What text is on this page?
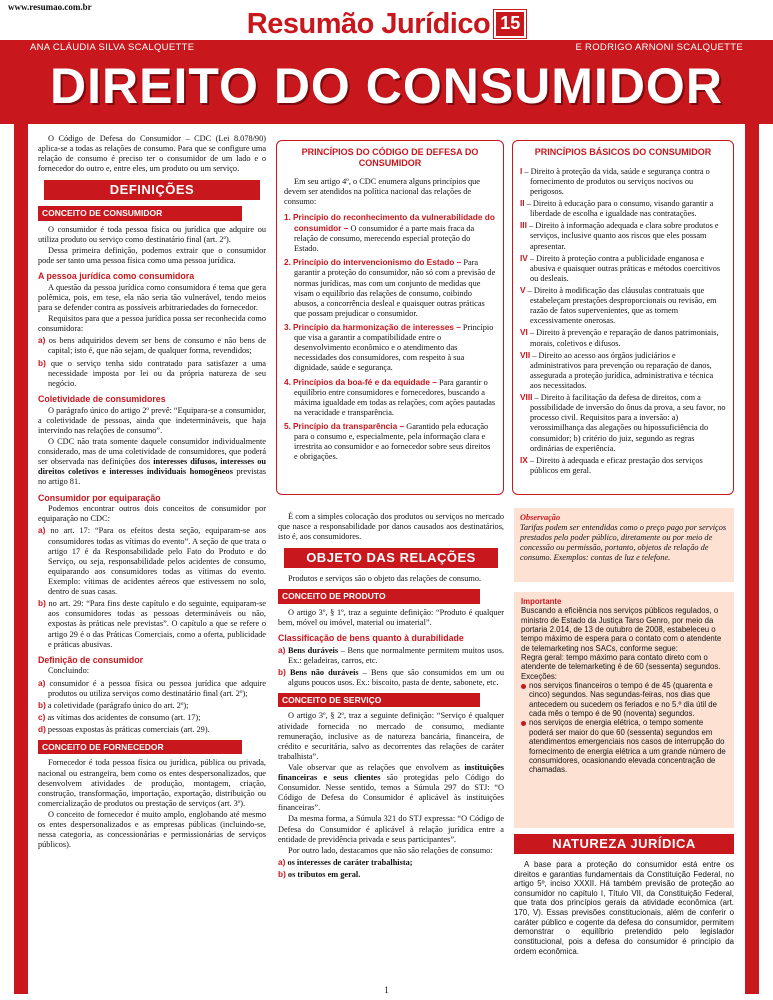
www.resumao.com.br
Resumão Jurídico 15
ANA CLÁUDIA SILVA SCALQUETTE	E RODRIGO ARNONI SCALQUETTE
DIREITO DO CONSUMIDOR

O Código de Defesa do Consumidor – CDC (Lei 8.078/90) aplica-se a todas as relações de consumo. Para que se configure uma relação de consumo é preciso ter o consumidor de um lado e o fornecedor do outro e, entre eles, um produto ou um serviço.

DEFINIÇÕES
CONCEITO DE CONSUMIDOR

O consumidor é toda pessoa física ou jurídica que adquire ou utiliza produto ou serviço como destinatário final (art. 2º).

Dessa primeira definição, podemos extrair que o consumidor pode ser tanto uma pessoa física como uma pessoa jurídica.

A pessoa jurídica como consumidora

A questão da pessoa jurídica como consumidora é tema que gera polêmica, pois, em tese, ela não seria tão vulnerável, tendo meios para se defender contra as possíveis arbitrariedades do fornecedor.

Requisitos para que a pessoa jurídica possa ser reconhecida como consumidora:

a) os bens adquiridos devem ser bens de consumo e não bens de capital; isto é, que não sejam, de qualquer forma, revendidos;

b) que o serviço tenha sido contratado para satisfazer a uma necessidade imposta por lei ou da própria natureza de seu negócio.

Coletividade de consumidores

O parágrafo único do artigo 2º prevê: “Equipara-se a consumidor, a coletividade de pessoas, ainda que indetermináveis, que haja intervindo nas relações de consumo”.

O CDC não trata somente daquele consumidor individualmente considerado, mas de uma coletividade de consumidores, que poderá ser observada nas definições dos interesses difusos, interesses ou direitos coletivos e interesses individuais homogêneos previstas no artigo 81.

Consumidor por equiparação

Podemos encontrar outros dois conceitos de consumidor por equiparação no CDC:

a) no art. 17: “Para os efeitos desta seção, equiparam-se aos consumidores todas as vítimas do evento”. A seção de que trata o artigo 17 é da Responsabilidade pelo Fato do Produto e do Serviço, ou seja, responsabilidade pelos acidentes de consumo, equiparando aos consumidores todas as vítimas do evento. Exemplo: vítimas de acidentes aéreos que estivessem no solo, dentro de suas casas.

b) no art. 29: “Para fins deste capítulo e do seguinte, equiparam-se aos consumidores todas as pessoas determináveis ou não, expostas às práticas nele previstas”. O capítulo a que se refere o artigo 29 é o das Práticas Comerciais, como a oferta, publicidade e práticas abusivas.

Definição de consumidor

Concluindo:

a) consumidor é a pessoa física ou pessoa jurídica que adquire produtos ou utiliza serviços como destinatário final (art. 2º);

b) a coletividade (parágrafo único do art. 2º);

c) as vítimas dos acidentes de consumo (art. 17);

d) pessoas expostas às práticas comerciais (art. 29).

CONCEITO DE FORNECEDOR

Fornecedor é toda pessoa física ou jurídica, pública ou privada, nacional ou estrangeira, bem como os entes despersonalizados, que desenvolvem atividades de produção, montagem, criação, construção, transformação, importação, exportação, distribuição ou comercialização de produtos ou prestação de serviços (art. 3º).

O conceito de fornecedor é muito amplo, englobando até mesmo os entes despersonalizados e as empresas públicas (incluindo-se, nessa categoria, as concessionárias e permissionárias de serviços públicos).

PRINCÍPIOS DO CÓDIGO DE DEFESA DO CONSUMIDOR

Em seu artigo 4º, o CDC enumera alguns princípios que devem ser atendidos na política nacional das relações de consumo:

1. Princípio do reconhecimento da vulnerabilidade do consumidor – O consumidor é a parte mais fraca da relação de consumo, merecendo especial proteção do Estado.

2. Princípio do intervencionismo do Estado – Para garantir a proteção do consumidor, não só com a previsão de normas jurídicas, mas com um conjunto de medidas que visam o equilíbrio das relações de consumo, coibindo abusos, a concorrência desleal e quaisquer outras práticas que possam prejudicar o consumidor.

3. Princípio da harmonização de interesses – Princípio que visa a garantir a compatibilidade entre o desenvolvimento econômico e o atendimento das necessidades dos consumidores, com respeito à sua dignidade, saúde e segurança.

4. Princípios da boa-fé e da equidade – Para garantir o equilíbrio entre consumidores e fornecedores, buscando a máxima igualdade em todas as relações, com ações pautadas na veracidade e transparência.

5. Princípio da transparência – Garantido pela educação para o consumo e, especialmente, pela informação clara e irrestrita ao consumidor e ao fornecedor sobre seus direitos e obrigações.

PRINCÍPIOS BÁSICOS DO CONSUMIDOR

I – Direito à proteção da vida, saúde e segurança contra o fornecimento de produtos ou serviços nocivos ou perigosos.

II – Direito à educação para o consumo, visando garantir a liberdade de escolha e igualdade nas contratações.

III – Direito à informação adequada e clara sobre produtos e serviços, inclusive quanto aos riscos que eles possam apresentar.

IV – Direito à proteção contra a publicidade enganosa e abusiva e quaisquer outras práticas e métodos coercitivos ou desleais.

V – Direito à modificação das cláusulas contratuais que estabeleçam prestações desproporcionais ou revisão, em razão de fatos supervenientes, que as tornem excessivamente onerosas.

VI – Direito à prevenção e reparação de danos patrimoniais, morais, coletivos e difusos.

VII – Direito ao acesso aos órgãos judiciários e administrativos para prevenção ou reparação de danos, assegurada a proteção jurídica, administrativa e técnica aos necessitados.

VIII – Direito à facilitação da defesa de direitos, com a possibilidade de inversão do ônus da prova, a seu favor, no processo civil. Requisitos para a inversão: a) verossimilhança das alegações ou hipossuficiência do consumidor; b) critério do juiz, segundo as regras ordinárias de experiência.

IX – Direito à adequada e eficaz prestação dos serviços públicos em geral.

É com a simples colocação dos produtos ou serviços no mercado que nasce a responsabilidade por danos causados aos destinatários, isto é, aos consumidores.

OBJETO DAS RELAÇÕES

Produtos e serviços são o objeto das relações de consumo.

CONCEITO DE PRODUTO

O artigo 3º, § 1º, traz a seguinte definição: “Produto é qualquer bem, móvel ou imóvel, material ou imaterial”.

Classificação de bens quanto à durabilidade

a) Bens duráveis – Bens que normalmente permitem muitos usos. Ex.: geladeiras, carros, etc.

b) Bens não duráveis – Bens que são consumidos em um ou alguns poucos usos. Ex.: biscoito, pasta de dente, sabonete, etc.

CONCEITO DE SERVIÇO

O artigo 3º, § 2º, traz a seguinte definição: “Serviço é qualquer atividade fornecida no mercado de consumo, mediante remuneração, inclusive as de natureza bancária, financeira, de crédito e securitária, salvo as decorrentes das relações de caráter trabalhista”.

Vale observar que as relações que envolvem as instituições financeiras e seus clientes são protegidas pelo Código do Consumidor. Nesse sentido, temos a Súmula 297 do STJ: “O Código de Defesa do Consumidor é aplicável às instituições financeiras”.

Da mesma forma, a Súmula 321 do STJ expressa: “O Código de Defesa do Consumidor é aplicável à relação jurídica entre a entidade de previdência privada e seus participantes”.

Por outro lado, destacamos que não são relações de consumo:

a) os interesses de caráter trabalhista;

b) os tributos em geral.

Observação
Tarifas podem ser entendidas como o preço pago por serviços prestados pelo poder público, diretamente ou por meio de concessão ou permissão, portanto, objetos de relação de consumo. Exemplos: contas de luz e telefone.
Importante

Buscando a eficiência nos serviços públicos regulados, o ministro de Estado da Justiça Tarso Genro, por meio da portaria 2.014, de 13 de outubro de 2008, estabeleceu o tempo máximo de espera para o contato com o atendente de telemarketing nos SACs, conforme segue:

Regra geral: tempo máximo para contato direto com o atendente de telemarketing é de 60 (sessenta) segundos. Exceções:

nos serviços financeiros o tempo é de 45 (quarenta e cinco) segundos. Nas segundas-feiras, nos dias que antecedem ou sucedem os feriados e no 5.º dia útil de cada mês o tempo é de 90 (noventa) segundos.
nos serviços de energia elétrica, o tempo somente poderá ser maior do que 60 (sessenta) segundos em atendimentos emergenciais nos casos de interrupção do fornecimento de energia elétrica a um grande número de consumidores, ocasionando elevada concentração de chamadas.
NATUREZA JURÍDICA

A base para a proteção do consumidor está entre os direitos e garantias fundamentais da Constituição Federal, no artigo 5º, inciso XXXII. Há também previsão de proteção ao consumidor no capítulo I, Título VII, da Constituição Federal, que trata dos princípios gerais da atividade econômica (art. 170, V). Essas previsões constitucionais, além de conferir o caráter público e cogente da defesa do consumidor, permitem demonstrar o equilíbrio pretendido pelo legislador constitucional, pois a defesa do consumidor é princípio da ordem econômica.

1
